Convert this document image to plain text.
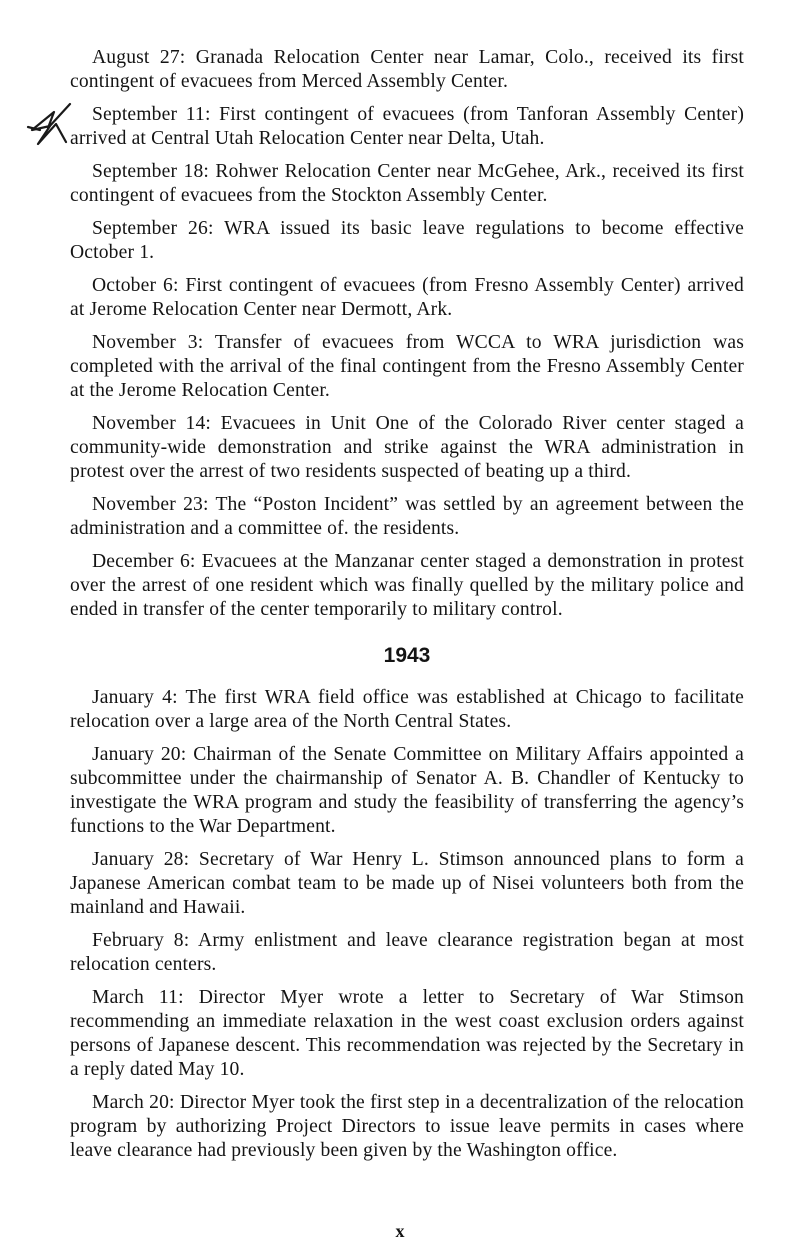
August 27: Granada Relocation Center near Lamar, Colo., received its first contingent of evacuees from Merced Assembly Center.

September 11: First contingent of evacuees (from Tanforan Assembly Center) arrived at Central Utah Relocation Center near Delta, Utah.

September 18: Rohwer Relocation Center near McGehee, Ark., received its first contingent of evacuees from the Stockton Assembly Center.

September 26: WRA issued its basic leave regulations to become effective October 1.

October 6: First contingent of evacuees (from Fresno Assembly Center) arrived at Jerome Relocation Center near Dermott, Ark.

November 3: Transfer of evacuees from WCCA to WRA jurisdiction was completed with the arrival of the final contingent from the Fresno Assembly Center at the Jerome Relocation Center.

November 14: Evacuees in Unit One of the Colorado River center staged a community-wide demonstration and strike against the WRA administration in protest over the arrest of two residents suspected of beating up a third.

November 23: The “Poston Incident” was settled by an agreement between the administration and a committee of. the residents.

December 6: Evacuees at the Manzanar center staged a demonstration in protest over the arrest of one resident which was finally quelled by the military police and ended in transfer of the center temporarily to military control.

1943

January 4: The first WRA field office was established at Chicago to facilitate relocation over a large area of the North Central States.

January 20: Chairman of the Senate Committee on Military Affairs appointed a subcommittee under the chairmanship of Senator A. B. Chandler of Kentucky to investigate the WRA program and study the feasibility of transferring the agency’s functions to the War Department.

January 28: Secretary of War Henry L. Stimson announced plans to form a Japanese American combat team to be made up of Nisei volunteers both from the mainland and Hawaii.

February 8: Army enlistment and leave clearance registration began at most relocation centers.

March 11: Director Myer wrote a letter to Secretary of War Stimson recommending an immediate relaxation in the west coast exclusion orders against persons of Japanese descent. This recommendation was rejected by the Secretary in a reply dated May 10.

March 20: Director Myer took the first step in a decentralization of the relocation program by authorizing Project Directors to issue leave permits in cases where leave clearance had previously been given by the Washington office.

x
